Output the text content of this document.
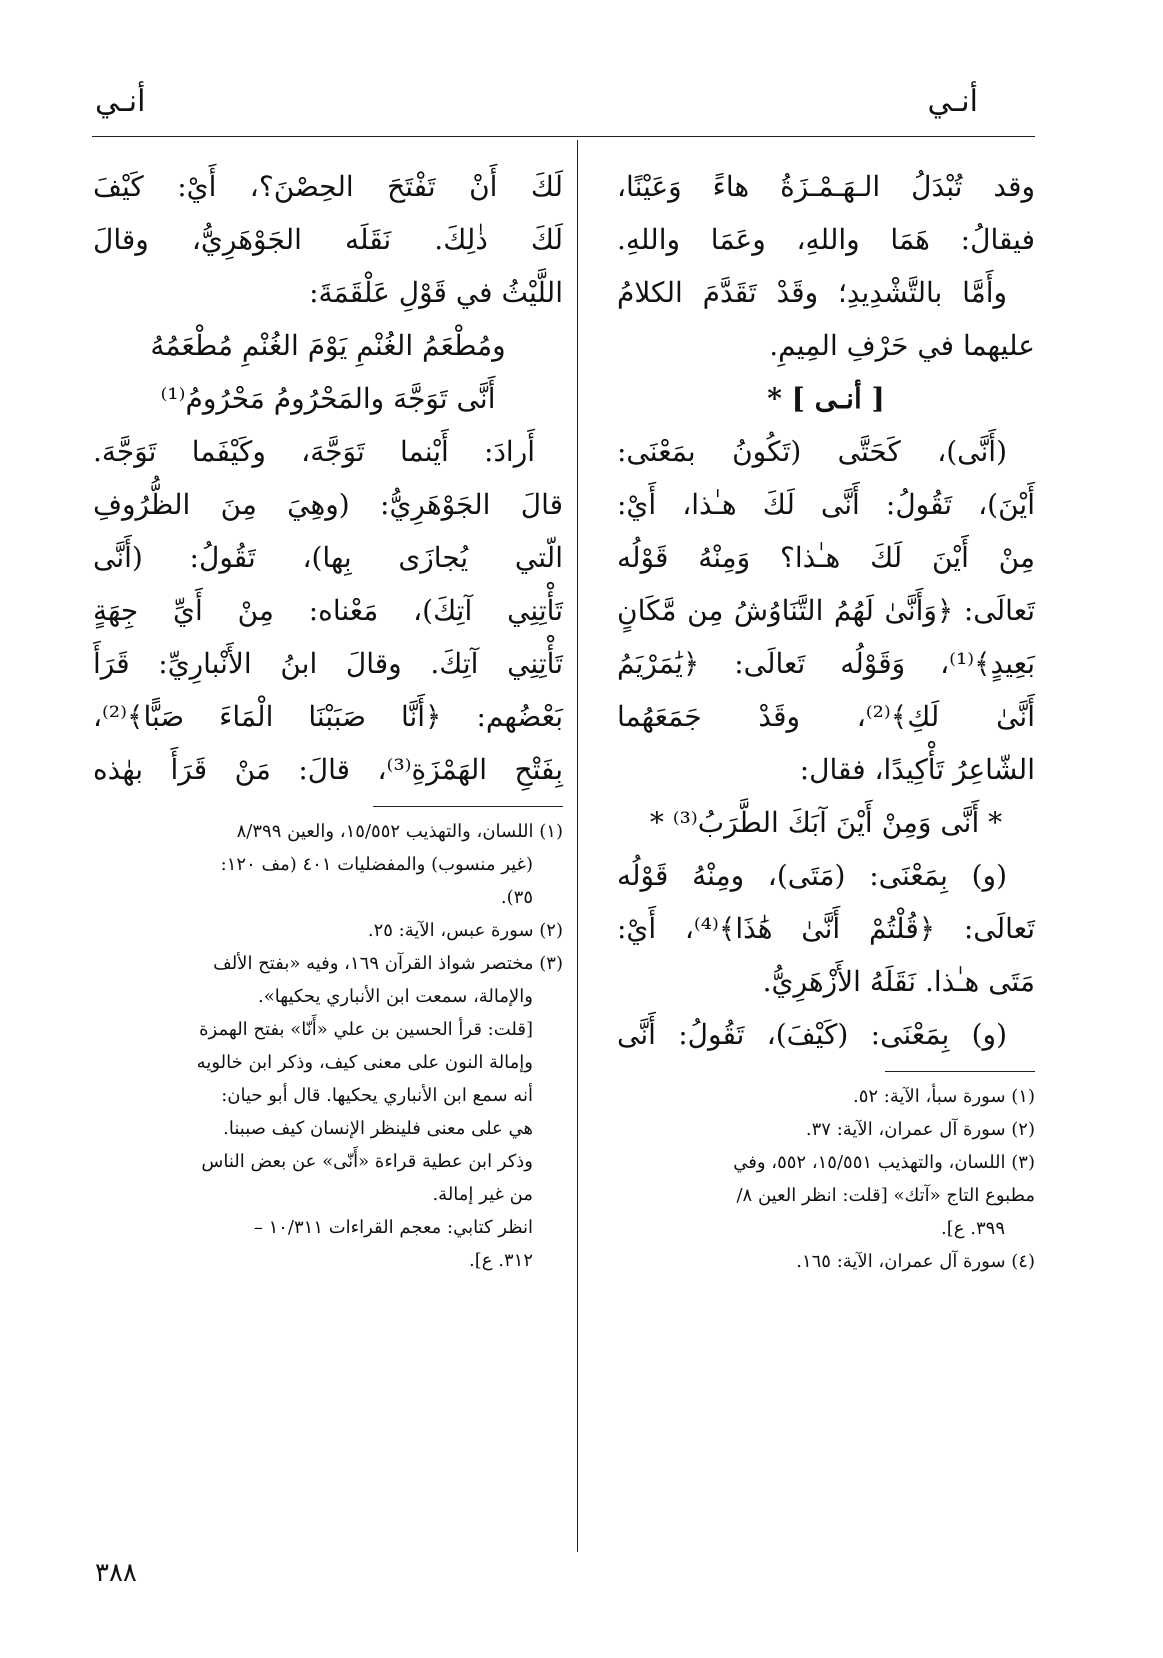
أنـي
أنـي

وقد تُبْدَلُ الـهَـمْـزَةُ هاءً وَعَيْنًا،

فيقالُ: هَمَا واللهِ، وعَمَا واللهِ.

وأَمَّا بالتَّشْدِيدِ؛ وقَدْ تَقَدَّمَ الكلامُ

عليهما في حَرْفِ المِيمِ.

[ أنـى ] *

(أَنَّى)، كَحَتَّى (تَكُونُ بمَعْنَى:

أَيْنَ)، تَقُولُ: أَنَّى لَكَ هـٰذا، أَيْ:

مِنْ أَيْنَ لَكَ هـٰذا؟ وَمِنْهُ قَوْلُه

تَعالَى: ﴿وَأَنَّىٰ لَهُمُ التَّنَاوُشُ مِن مَّكَانٍ

بَعِيدٍ﴾⁽¹⁾، وَقَوْلُه تَعالَى: ﴿يَٰمَرْيَمُ

أَنَّىٰ لَكِ﴾⁽²⁾، وقَدْ جَمَعَهُما

الشّاعِرُ تَأْكِيدًا، فقال:

* أَنَّى وَمِنْ أَيْنَ آبَكَ الطَّرَبُ⁽³⁾ *

(و) بِمَعْنَى: (مَتَى)، ومِنْهُ قَوْلُه

تَعالَى: ﴿قُلْتُمْ أَنَّىٰ هَٰذَا﴾⁽⁴⁾، أَيْ:

مَتَى هـٰذا. نَقَلَهُ الأَزْهَرِيُّ.

(و) بِمَعْنَى: (كَيْفَ)، تَقُولُ: أَنَّى

(١) سورة سبأ، الآية: ٥٢.

(٢) سورة آل عمران، الآية: ٣٧.

(٣) اللسان، والتهذيب ١٥/٥٥١، ٥٥٢، وفي

مطبوع التاج «آتك» [قلت: انظر العين ٨/

٣٩٩. ع].

(٤) سورة آل عمران، الآية: ١٦٥.

لَكَ أَنْ تَفْتَحَ الحِصْنَ؟، أَيْ: كَيْفَ

لَكَ ذٰلِكَ. نَقَلَه الجَوْهَرِيُّ، وقالَ

اللَّيْثُ في قَوْلِ عَلْقَمَةَ:

ومُطْعَمُ الغُنْمِ يَوْمَ الغُنْمِ مُطْعَمُهُ

أَنَّى تَوَجَّهَ والمَحْرُومُ مَحْرُومُ⁽¹⁾

أَرادَ: أَيْنما تَوَجَّهَ، وكَيْفَما تَوَجَّهَ.

قالَ الجَوْهَرِيُّ: (وهِيَ مِنَ الظُّرُوفِ

الّتي يُجازَى بِها)، تَقُولُ: (أَنَّى

تَأْتِنِي آتِكَ)، مَعْناه: مِنْ أَيِّ جِهَةٍ

تَأْتِنِي آتِكَ. وقالَ ابنُ الأَنْبارِيِّ: قَرَأَ

بَعْضُهم: ﴿أَنَّا صَبَبْنَا الْمَاءَ صَبًّا﴾⁽²⁾،

بِفَتْحِ الهَمْزَةِ⁽³⁾، قالَ: مَنْ قَرَأَ بهٰذه

(١) اللسان، والتهذيب ١٥/٥٥٢، والعين ٨/٣٩٩

(غير منسوب) والمفضليات ٤٠١ (مف ١٢٠:

٣٥).

(٢) سورة عبس، الآية: ٢٥.

(٣) مختصر شواذ القرآن ١٦٩، وفيه «بفتح الألف

والإمالة، سمعت ابن الأنباري يحكيها».

[قلت: قرأ الحسين بن علي «أَنّا» بفتح الهمزة

وإمالة النون على معنى كيف، وذكر ابن خالويه

أنه سمع ابن الأنباري يحكيها. قال أبو حيان:

هي على معنى فلينظر الإنسان كيف صببنا.

وذكر ابن عطية قراءة «أَنّى» عن بعض الناس

من غير إمالة.

انظر كتابي: معجم القراءات ١٠/٣١١ –

٣١٢. ع].

٣٨٨
